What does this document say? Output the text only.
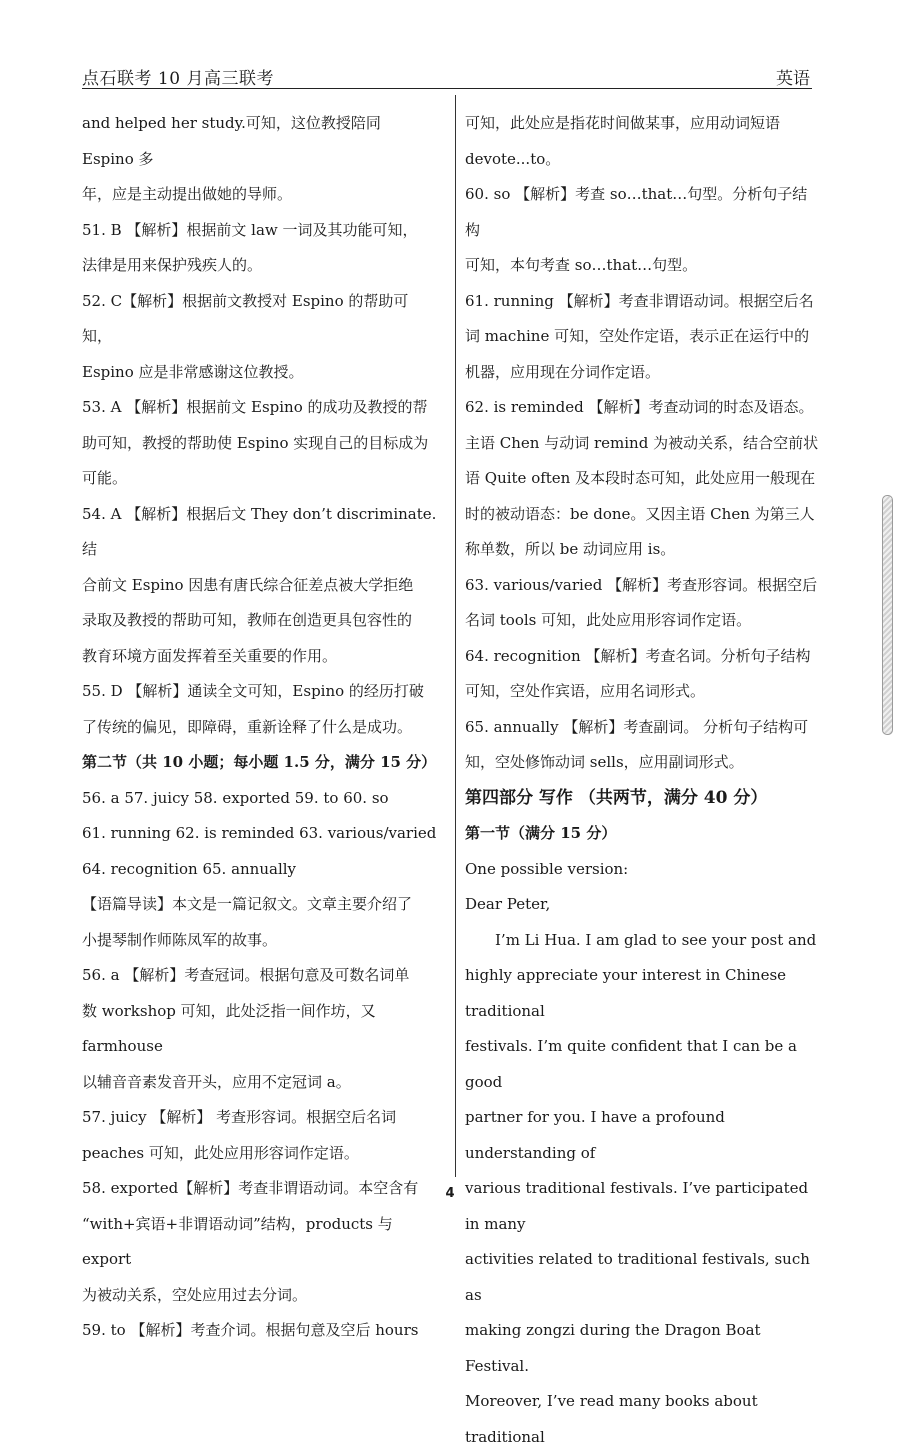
点石联考 10 月高三联考	英语

and helped her study.可知，这位教授陪同 Espino 多

年，应是主动提出做她的导师。

51. B 【解析】根据前文 law 一词及其功能可知，

法律是用来保护残疾人的。

52. C【解析】根据前文教授对 Espino 的帮助可知，

Espino 应是非常感谢这位教授。

53. A 【解析】根据前文 Espino 的成功及教授的帮

助可知，教授的帮助使 Espino 实现自己的目标成为

可能。

54. A 【解析】根据后文 They don’t discriminate.结

合前文 Espino 因患有唐氏综合征差点被大学拒绝

录取及教授的帮助可知，教师在创造更具包容性的

教育环境方面发挥着至关重要的作用。

55. D 【解析】通读全文可知，Espino 的经历打破

了传统的偏见，即障碍，重新诠释了什么是成功。

第二节（共 10 小题；每小题 1.5 分，满分 15 分）

56. a 57. juicy 58. exported 59. to 60. so

61. running 62. is reminded 63. various/varied

64. recognition 65. annually

【语篇导读】本文是一篇记叙文。文章主要介绍了

小提琴制作师陈凤军的故事。

56. a 【解析】考查冠词。根据句意及可数名词单

数 workshop 可知，此处泛指一间作坊，又 farmhouse

以辅音音素发音开头，应用不定冠词 a。

57. juicy 【解析】 考查形容词。根据空后名词

peaches 可知，此处应用形容词作定语。

58. exported【解析】考查非谓语动词。本空含有

“with+宾语+非谓语动词”结构，products 与 export

为被动关系，空处应用过去分词。

59. to 【解析】考查介词。根据句意及空后 hours

可知，此处应是指花时间做某事，应用动词短语

devote...to。

60. so 【解析】考查 so…that…句型。分析句子结构

可知，本句考查 so…that…句型。

61. running 【解析】考查非谓语动词。根据空后名

词 machine 可知，空处作定语，表示正在运行中的

机器，应用现在分词作定语。

62. is reminded 【解析】考查动词的时态及语态。

主语 Chen 与动词 remind 为被动关系，结合空前状

语 Quite often 及本段时态可知，此处应用一般现在

时的被动语态：be done。又因主语 Chen 为第三人

称单数，所以 be 动词应用 is。

63. various/varied 【解析】考查形容词。根据空后

名词 tools 可知，此处应用形容词作定语。

64. recognition 【解析】考查名词。分析句子结构

可知，空处作宾语，应用名词形式。

65. annually 【解析】考查副词。 分析句子结构可

知，空处修饰动词 sells，应用副词形式。

第四部分 写作 （共两节，满分 40 分）

第一节（满分 15 分）

One possible version:

Dear Peter,

I’m Li Hua. I am glad to see your post and

highly appreciate your interest in Chinese traditional

festivals. I’m quite confident that I can be a good

partner for you. I have a profound understanding of

various traditional festivals. I’ve participated in many

activities related to traditional festivals, such as

making zongzi during the Dragon Boat Festival.

Moreover, I’ve read many books about traditional

4
